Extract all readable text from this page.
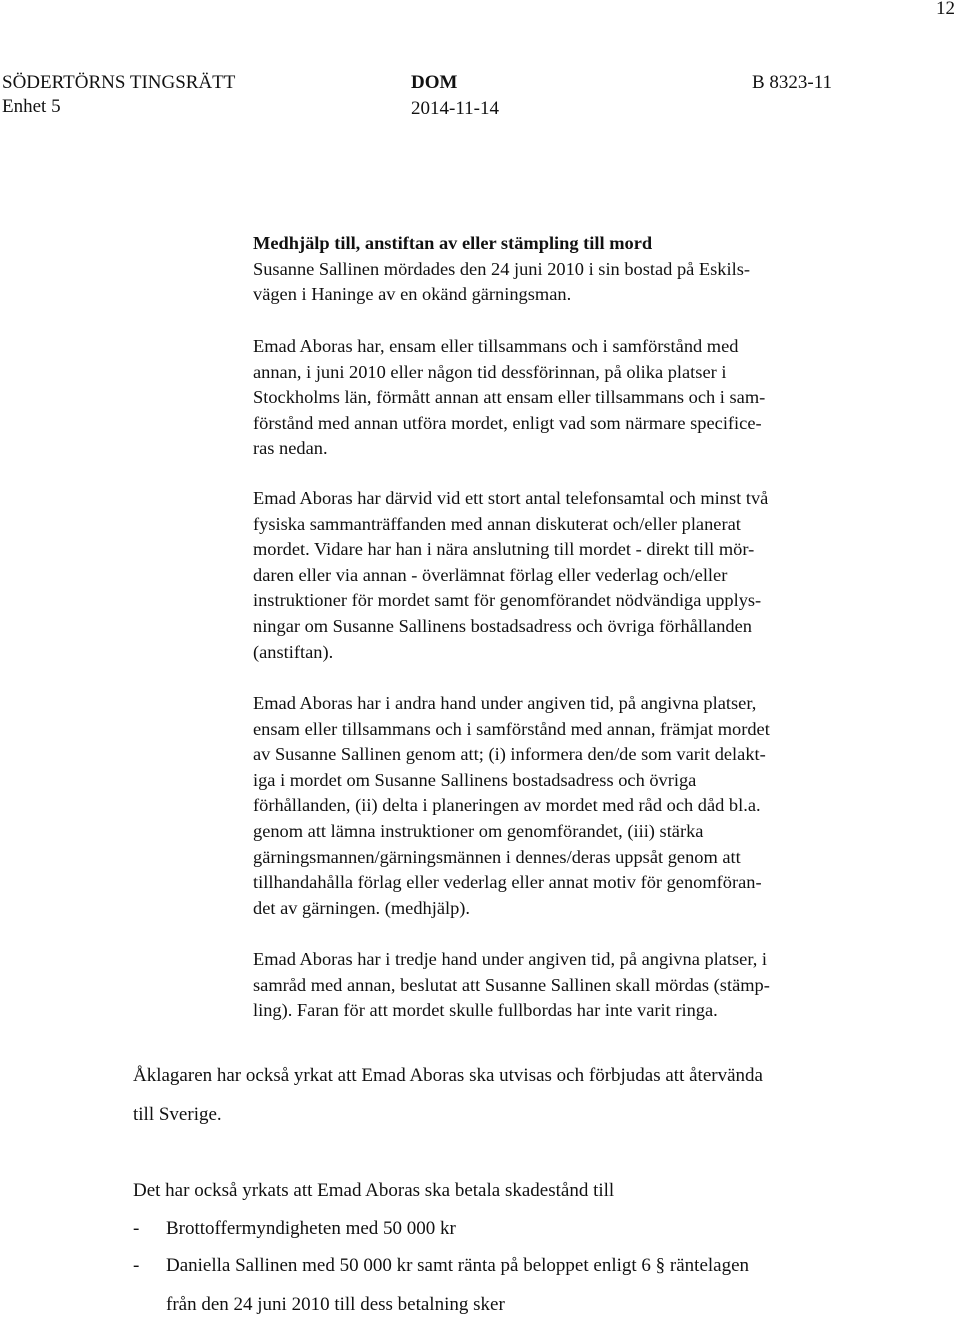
12
SÖDERTÖRNS TINGSRÄTT
Enhet 5
DOM
2014-11-14
B 8323-11
Medhjälp till, anstiftan av eller stämpling till mord
Susanne Sallinen mördades den 24 juni 2010 i sin bostad på Eskils-
vägen i Haninge av en okänd gärningsman.
Emad Aboras har, ensam eller tillsammans och i samförstånd med
annan, i juni 2010 eller någon tid dessförinnan, på olika platser i
Stockholms län, förmått annan att ensam eller tillsammans och i sam-
förstånd med annan utföra mordet, enligt vad som närmare specifice-
ras nedan.
Emad Aboras har därvid vid ett stort antal telefonsamtal och minst två
fysiska sammanträffanden med annan diskuterat och/eller planerat
mordet. Vidare har han i nära anslutning till mordet - direkt till mör-
daren eller via annan - överlämnat förlag eller vederlag och/eller
instruktioner för mordet samt för genomförandet nödvändiga upplys-
ningar om Susanne Sallinens bostadsadress och övriga förhållanden
(anstiftan).
Emad Aboras har i andra hand under angiven tid, på angivna platser,
ensam eller tillsammans och i samförstånd med annan, främjat mordet
av Susanne Sallinen genom att; (i) informera den/de som varit delakt-
iga i mordet om Susanne Sallinens bostadsadress och övriga
förhållanden, (ii) delta i planeringen av mordet med råd och dåd bl.a.
genom att lämna instruktioner om genomförandet, (iii) stärka
gärningsmannen/gärningsmännen i dennes/deras uppsåt genom att
tillhandahålla förlag eller vederlag eller annat motiv för genomföran-
det av gärningen. (medhjälp).
Emad Aboras har i tredje hand under angiven tid, på angivna platser, i
samråd med annan, beslutat att Susanne Sallinen skall mördas (stämp-
ling). Faran för att mordet skulle fullbordas har inte varit ringa.
Åklagaren har också yrkat att Emad Aboras ska utvisas och förbjudas att återvända
till Sverige.
Det har också yrkats att Emad Aboras ska betala skadestånd till
- Brottoffermyndigheten med 50 000 kr
- Daniella Sallinen med 50 000 kr samt ränta på beloppet enligt 6 § räntelagen
från den 24 juni 2010 till dess betalning sker
